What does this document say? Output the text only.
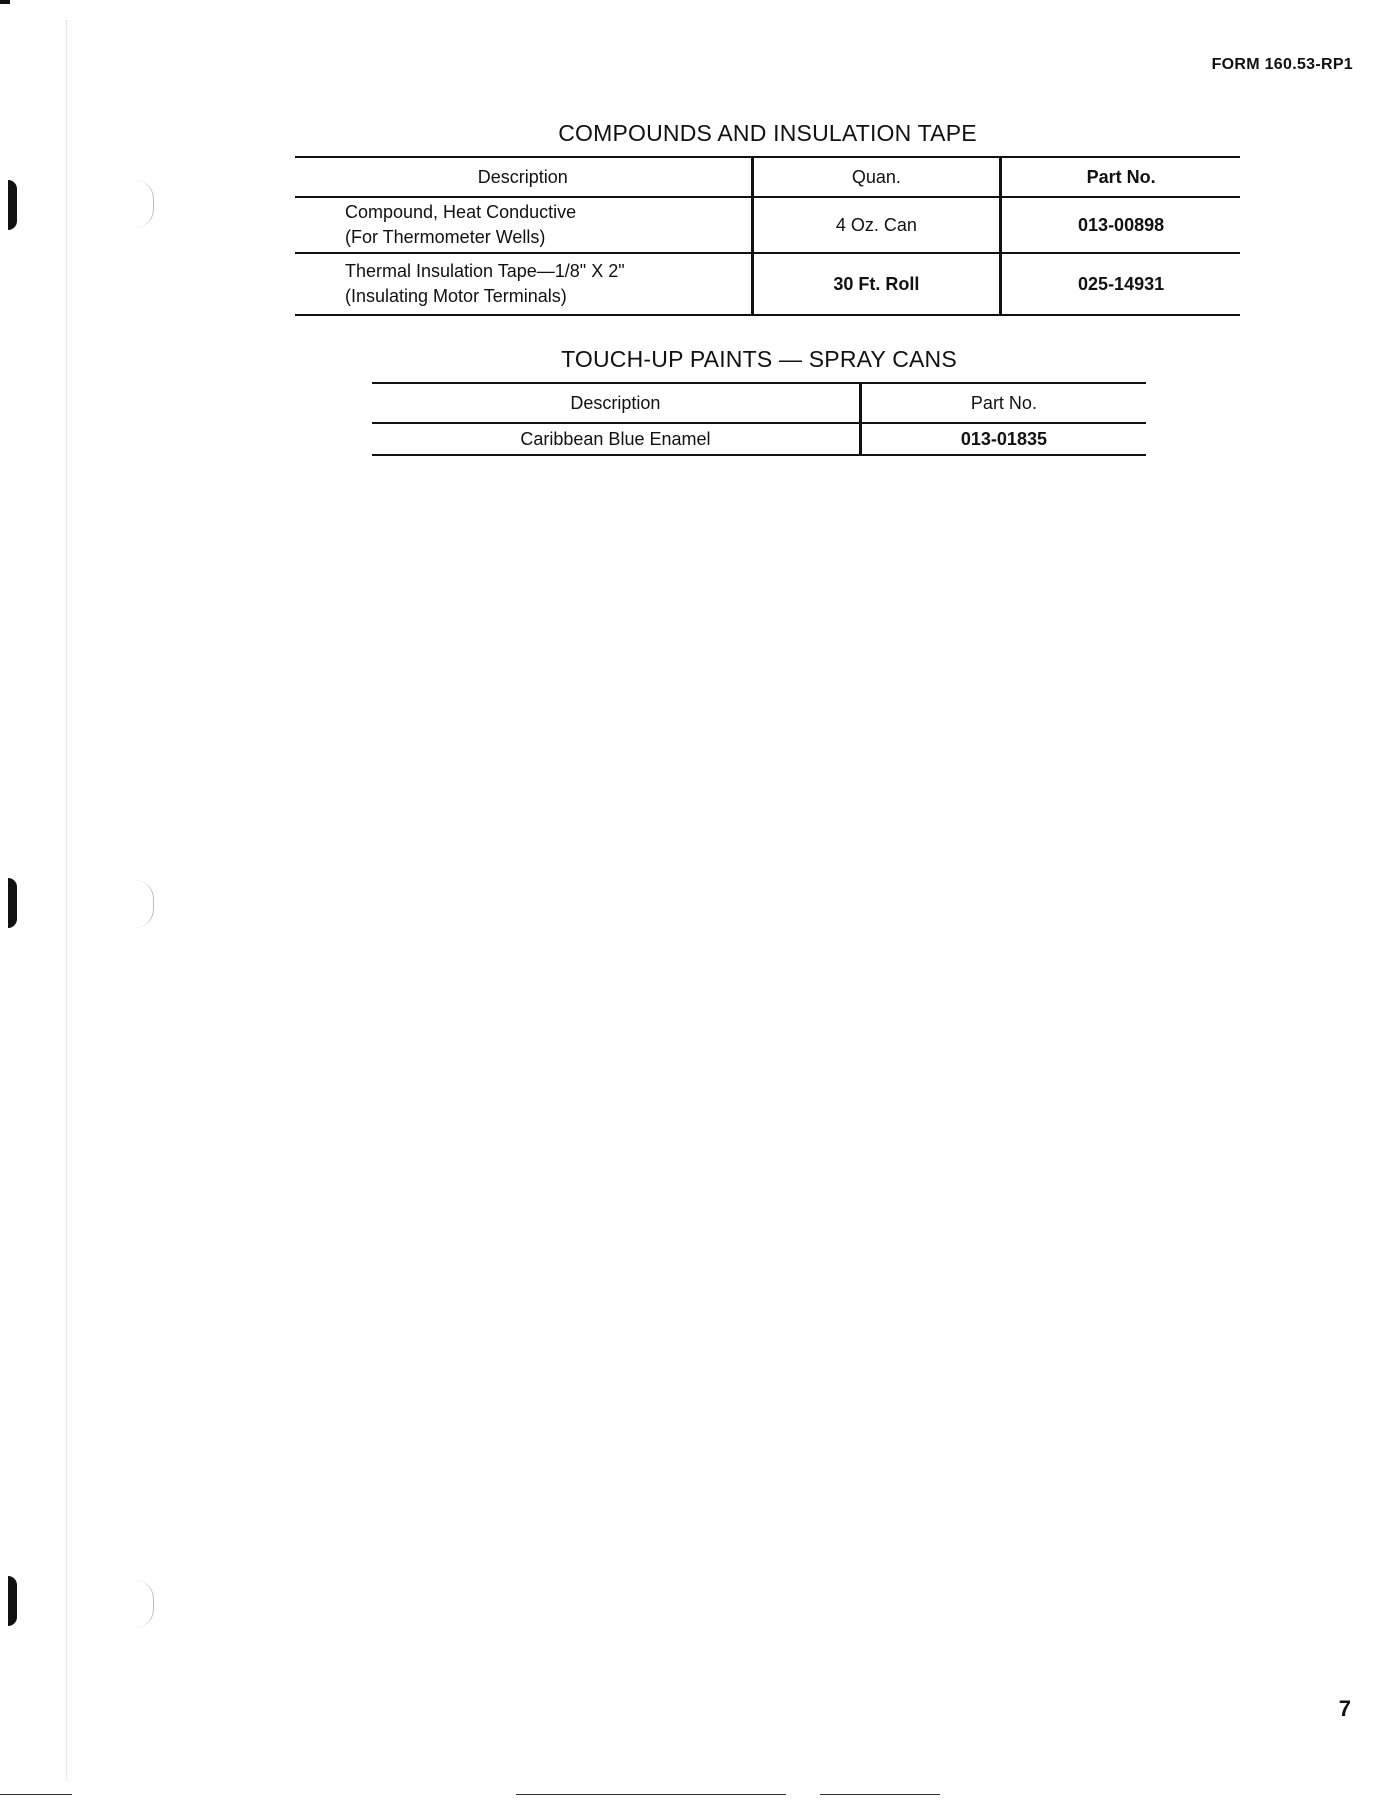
FORM 160.53-RP1
COMPOUNDS AND INSULATION TAPE
Description	Quan.	Part No.

Compound, Heat Conductive
(For Thermometer Wells)	4 Oz. Can	013-00898

Thermal Insulation Tape—1/8" X 2"
(Insulating Motor Terminals)	30 Ft. Roll	025-14931
TOUCH-UP PAINTS — SPRAY CANS
Description	Part No.
Caribbean Blue Enamel	013-01835
7
